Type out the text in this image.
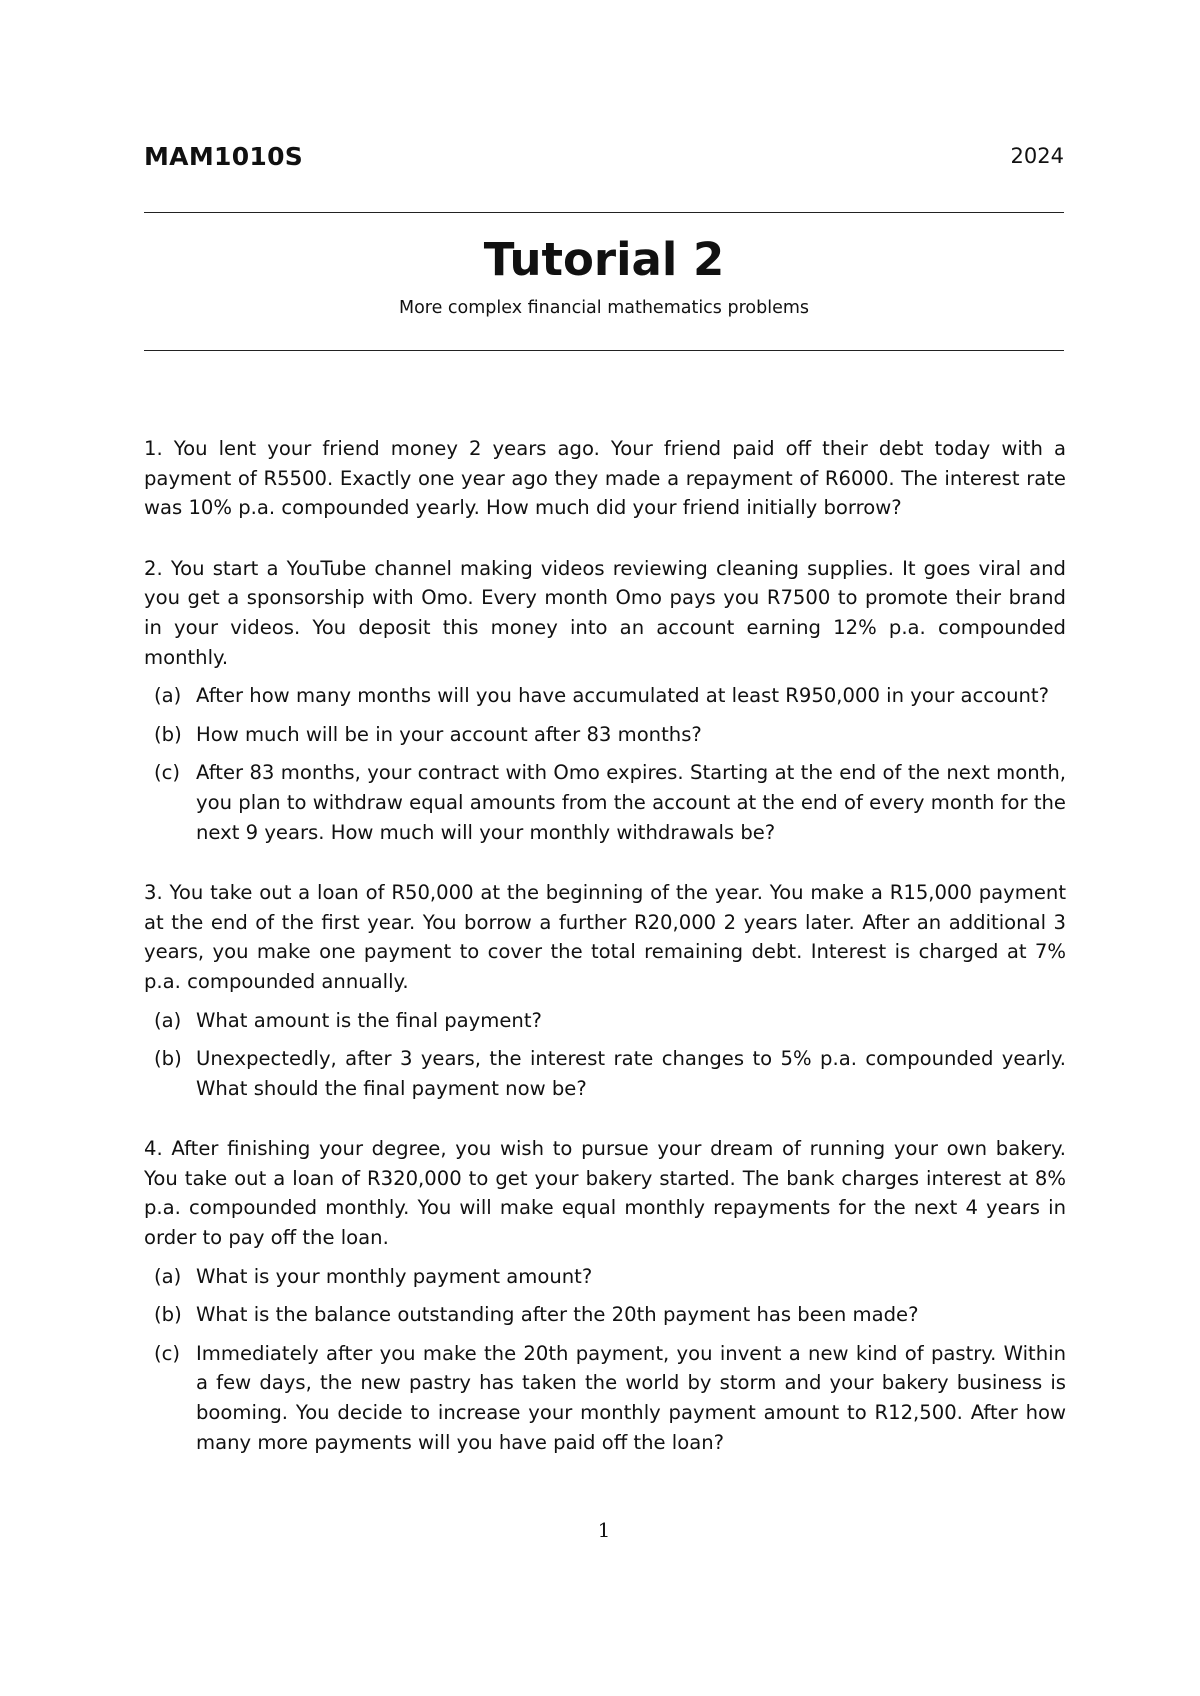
MAM1010S	2024
Tutorial 2
More complex financial mathematics problems

1. You lent your friend money 2 years ago. Your friend paid off their debt today with a payment of R5500. Exactly one year ago they made a repayment of R6000. The interest rate was 10% p.a. compounded yearly. How much did your friend initially borrow?

2. You start a YouTube channel making videos reviewing cleaning supplies. It goes viral and you get a sponsorship with Omo. Every month Omo pays you R7500 to promote their brand in your videos. You deposit this money into an account earning 12% p.a. compounded monthly.

(a) After how many months will you have accumulated at least R950,000 in your account?
(b) How much will be in your account after 83 months?
(c) After 83 months, your contract with Omo expires. Starting at the end of the next month, you plan to withdraw equal amounts from the account at the end of every month for the next 9 years. How much will your monthly withdrawals be?

3. You take out a loan of R50,000 at the beginning of the year. You make a R15,000 payment at the end of the first year. You borrow a further R20,000 2 years later. After an additional 3 years, you make one payment to cover the total remaining debt. Interest is charged at 7% p.a. compounded annually.

(a) What amount is the final payment?
(b) Unexpectedly, after 3 years, the interest rate changes to 5% p.a. compounded yearly. What should the final payment now be?

4. After finishing your degree, you wish to pursue your dream of running your own bakery. You take out a loan of R320,000 to get your bakery started. The bank charges interest at 8% p.a. compounded monthly. You will make equal monthly repayments for the next 4 years in order to pay off the loan.

(a) What is your monthly payment amount?
(b) What is the balance outstanding after the 20th payment has been made?
(c) Immediately after you make the 20th payment, you invent a new kind of pastry. Within a few days, the new pastry has taken the world by storm and your bakery business is booming. You decide to increase your monthly payment amount to R12,500. After how many more payments will you have paid off the loan?
1
